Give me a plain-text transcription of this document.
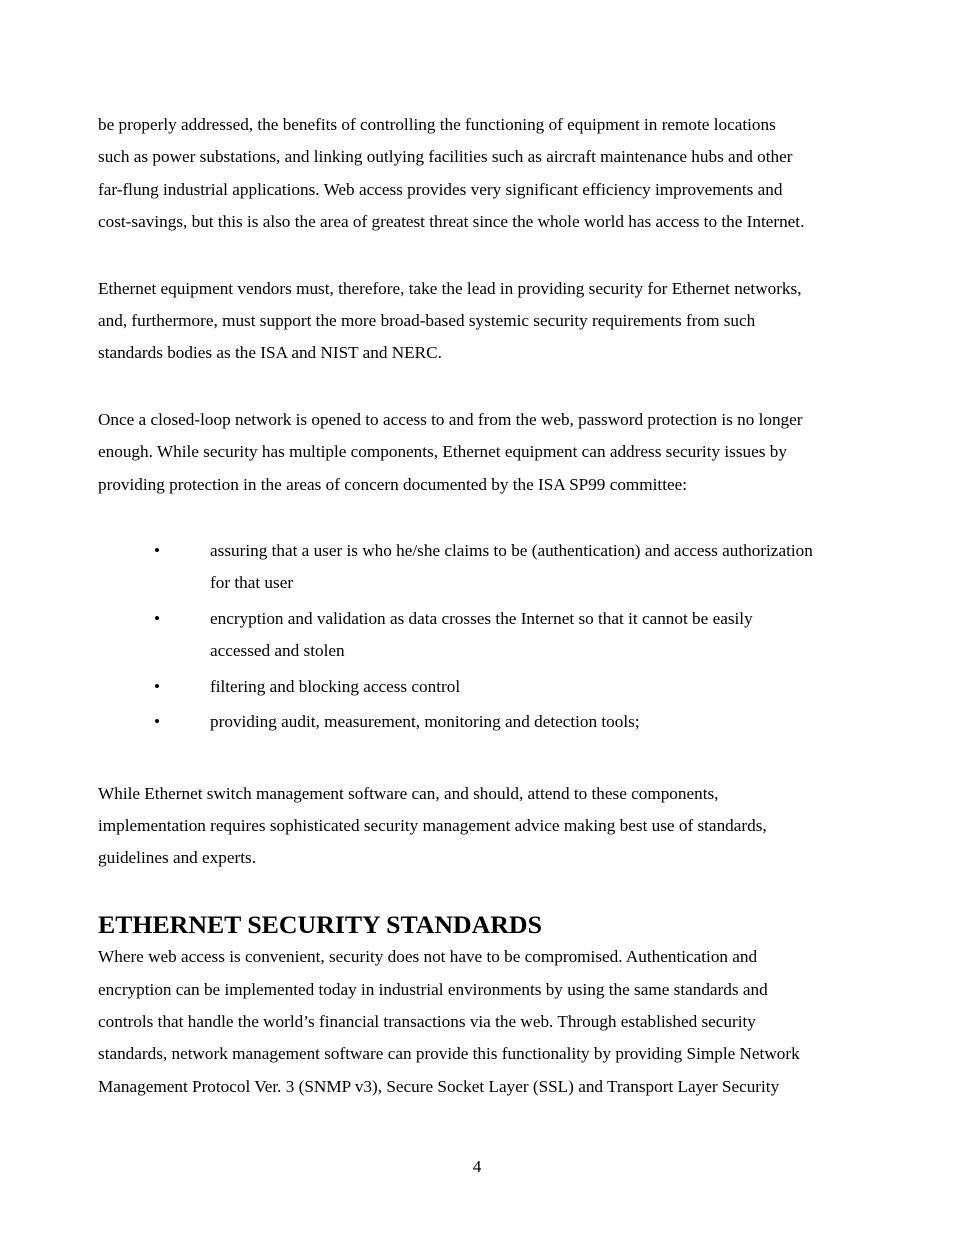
be properly addressed, the benefits of controlling the functioning of equipment in remote locations
such as power substations, and linking outlying facilities such as aircraft maintenance hubs and other
far-flung industrial applications. Web access provides very significant efficiency improvements and
cost-savings, but this is also the area of greatest threat since the whole world has access to the Internet.

Ethernet equipment vendors must, therefore, take the lead in providing security for Ethernet networks,
and, furthermore, must support the more broad-based systemic security requirements from such
standards bodies as the ISA and NIST and NERC.

Once a closed-loop network is opened to access to and from the web, password protection is no longer
enough. While security has multiple components, Ethernet equipment can address security issues by
providing protection in the areas of concern documented by the ISA SP99 committee:

•	assuring that a user is who he/she claims to be (authentication) and access authorization
for that user
•	encryption and validation as data crosses the Internet so that it cannot be easily
accessed and stolen
•	filtering and blocking access control
•	providing audit, measurement, monitoring and detection tools;

While Ethernet switch management software can, and should, attend to these components,
implementation requires sophisticated security management advice making best use of standards,
guidelines and experts.

ETHERNET SECURITY STANDARDS

Where web access is convenient, security does not have to be compromised. Authentication and
encryption can be implemented today in industrial environments by using the same standards and
controls that handle the world’s financial transactions via the web. Through established security
standards, network management software can provide this functionality by providing Simple Network
Management Protocol Ver. 3 (SNMP v3), Secure Socket Layer (SSL) and Transport Layer Security

4
